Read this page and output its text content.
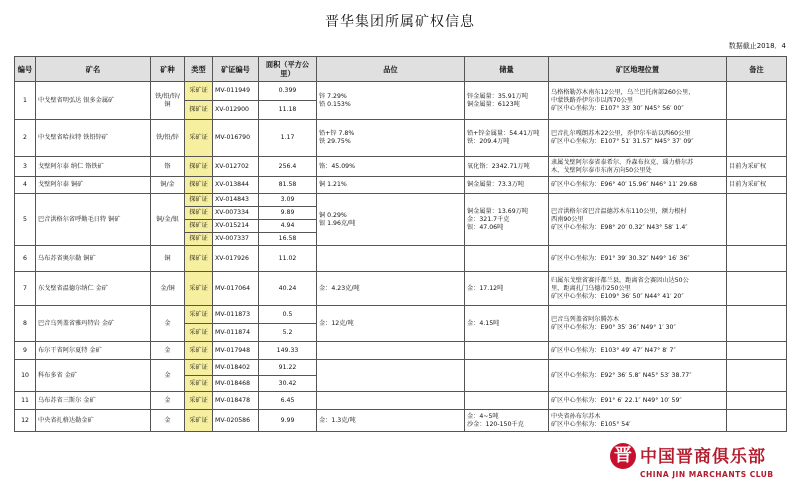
晋华集团所属矿权信息
数据截止2018．4
编号	矿名	矿种	类型	矿证编号	面积（平方公里）	品位	储量	矿区地理位置	备注
1	中戈壁省明弘达 银多金属矿	铁/铅/锌/铜	采矿证	MV-011949	0.399	锌 7.29%
铅 0.153%	锌金属量：35.91万吨
铜金属量：6123吨	乌格格勒苏木南东12公里，乌兰巴托南部260公里，
中蒙铁路乔伊尔市以西70公里
矿区中心坐标为：E107° 33′ 30″ N45° 56′ 00″	
			探矿证	XV-012900	11.18				
2	中戈壁省哈拉特 铁铅锌矿	铁/铅/锌	采矿证	MV-016790	1.17	铅+锌 7.8%
铁 29.75%	铅+锌金属量：54.41万吨
铁：209.4万吨	巴音扎尔嘎朗苏木22公里，乔伊尔车站以西60公里
矿区中心坐标为：E107° 51′ 31.57″ N45° 37′ 09″	
3	戈壁阿尔泰 纳仁 铬铁矿	铬	探矿证	XV-012702	256.4	铬：45.09%	氧化铬：2342.71万吨	隶属戈壁阿尔泰省泰希尔、乔森布拉克、瑙力格尔苏
木、戈壁阿尔泰市东南方向50公里处	目前为采矿权
4	戈壁阿尔泰 铜矿	铜/金	探矿证	XV-013844	81.58	铜 1.21%	铜金属量：73.3万吨	矿区中心坐标为：E96° 40′ 15.96″ N46° 11′ 29.68	目前为采矿权
5	巴音洪格尔省呼勤毛日特 铜矿	铜/金/银	探矿证	XV-014843	3.09	铜 0.29%
银 1.96克/吨	铜金属量：13.69万吨
金：321.7千克
银：47.06吨	巴音洪格尔省巴音温德苏木东110公里，额力根村
西南90公里
矿区中心坐标为：E98° 20′ 0.32″ N43° 58′ 1.4″	
			探矿证	XV-007334	9.89				
			探矿证	XV-015214	4.94				
			探矿证	XV-007337	16.58				
6	乌布苏省奥尔勒 铜矿	铜	探矿证	XV-017926	11.02			矿区中心坐标为：E91° 39′ 30.32″ N49° 16′ 36″	
7	东戈壁省温德尔纳仁 金矿	金/铜	采矿证	MV-017064	40.24	金：4.23克/吨	金：17.12吨	归属东戈壁省赛汗都兰县，距离省会赛因山达50公
里，距离扎门乌德市250公里
矿区中心坐标为：E109° 36′ 50″ N44° 41′ 20″	
8	巴音乌列盖省雅玛特岩 金矿	金	采矿证	MV-011873	0.5	金：12克/吨	金：4.15吨	巴音乌列盖省阿尔腾苏木
矿区中心坐标为：E90° 35′ 36″ N49° 1′ 30″	
			采矿证	MV-011874	5.2				
9	布尔干省阿尔夏特 金矿	金	采矿证	MV-017948	149.33			矿区中心坐标为：E103° 49′ 47″ N47° 8′ 7″	
10	科布多省 金矿	金	采矿证	MV-018402	91.22			矿区中心坐标为：E92° 36′ 5.8″ N45° 53′ 38.77″	
			采矿证	MV-018468	30.42				
11	乌布苏省三斯尔 金矿	金	采矿证	MV-018478	6.45			矿区中心坐标为：E91° 6′ 22.1″ N49° 10′ 59″	
12	中央省扎格达勒金矿	金	采矿证	MV-020586	9.99	金：1.3克/吨	金：4~5吨
沙金：120-150千克	中央省孙布尔苏木
矿区中心坐标为：E105° 54′	
晋 中国晋商俱乐部
CHINA JIN MARCHANTS CLUB
